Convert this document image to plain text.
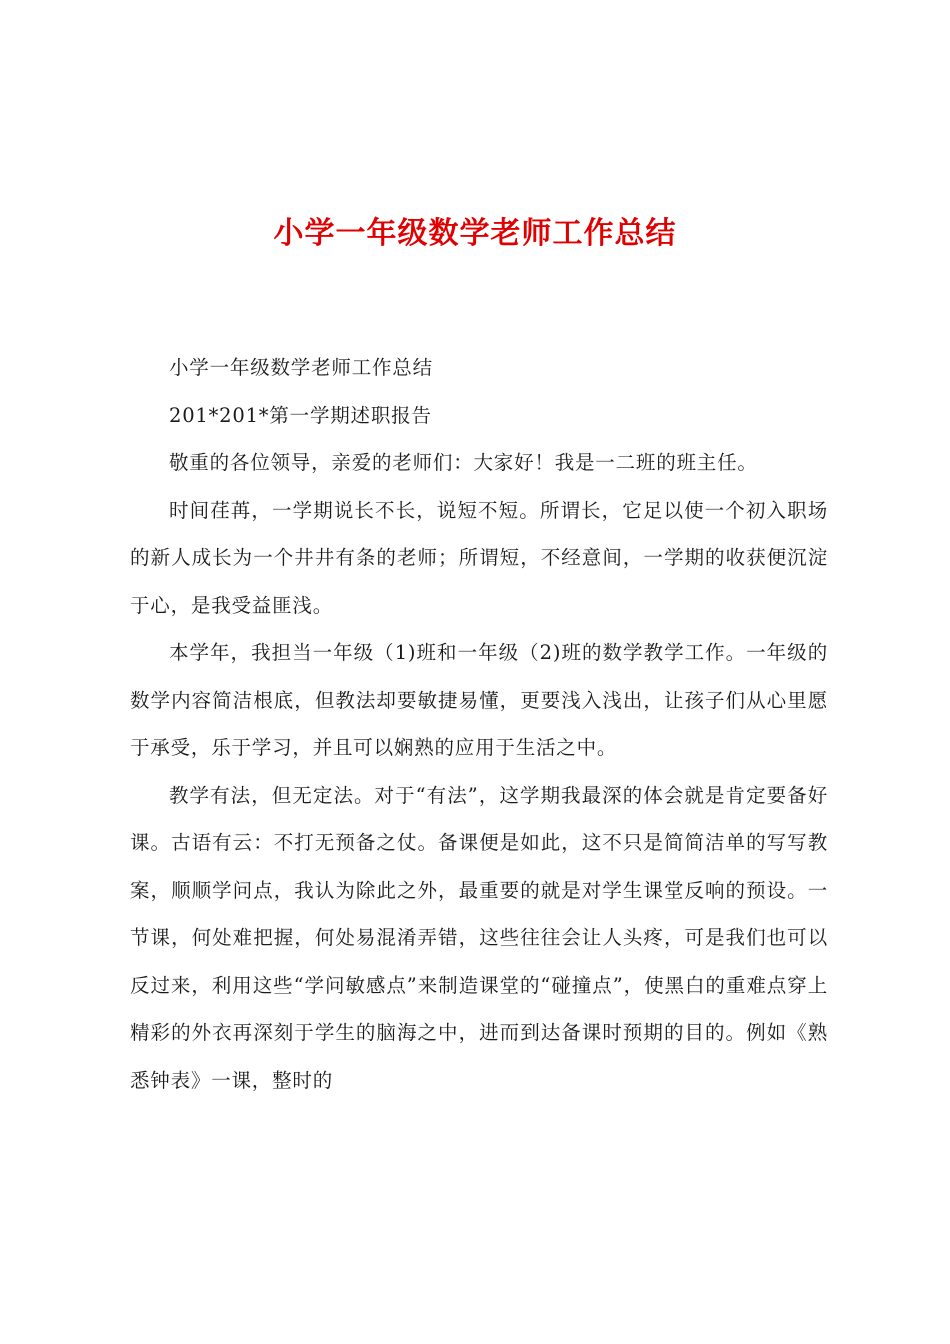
小学一年级数学老师工作总结

小学一年级数学老师工作总结

201*201*第一学期述职报告

敬重的各位领导，亲爱的老师们：大家好！我是一二班的班主任。

时间荏苒，一学期说长不长，说短不短。所谓长，它足以使一个初入职场的新人成长为一个井井有条的老师；所谓短，不经意间，一学期的收获便沉淀于心，是我受益匪浅。

本学年，我担当一年级（1)班和一年级（2)班的数学教学工作。一年级的数学内容简洁根底，但教法却要敏捷易懂，更要浅入浅出，让孩子们从心里愿于承受，乐于学习，并且可以娴熟的应用于生活之中。

教学有法，但无定法。对于“有法”，这学期我最深的体会就是肯定要备好课。古语有云：不打无预备之仗。备课便是如此，这不只是简简洁单的写写教案，顺顺学问点，我认为除此之外，最重要的就是对学生课堂反响的预设。一节课，何处难把握，何处易混淆弄错，这些往往会让人头疼，可是我们也可以反过来，利用这些“学问敏感点”来制造课堂的“碰撞点”，使黑白的重难点穿上精彩的外衣再深刻于学生的脑海之中，进而到达备课时预期的目的。例如《熟悉钟表》一课，整时的
